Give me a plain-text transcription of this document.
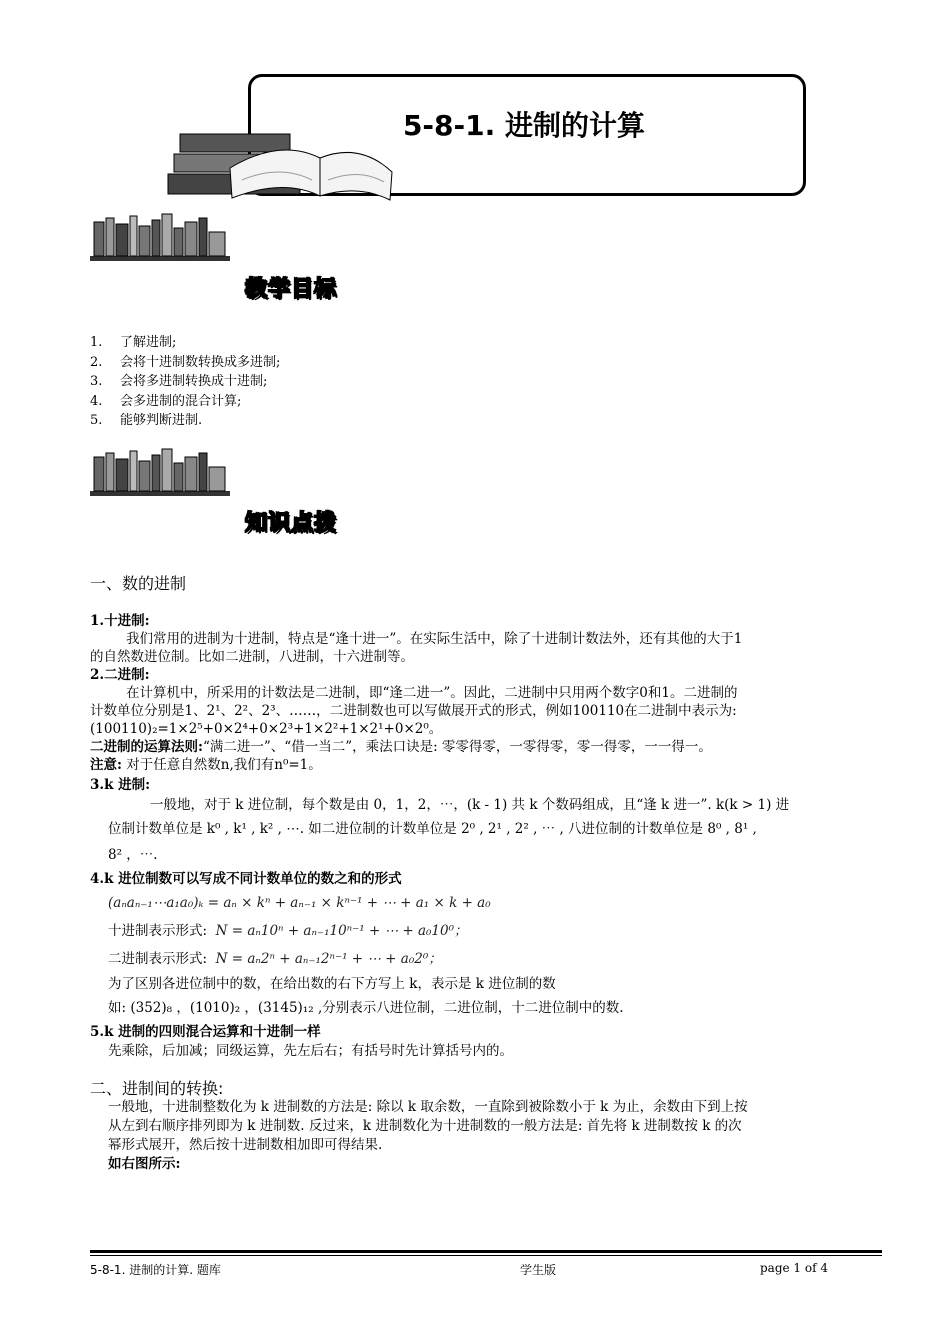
5-8-1. 进制的计算
教学目标
1. 了解进制;
2. 会将十进制数转换成多进制;
3. 会将多进制转换成十进制;
4. 会多进制的混合计算;
5. 能够判断进制.
知识点拨
一、数的进制
1.十进制:
我们常用的进制为十进制，特点是“逢十进一”。在实际生活中，除了十进制计数法外，还有其他的大于1
的自然数进位制。比如二进制，八进制，十六进制等。
2.二进制:
在计算机中，所采用的计数法是二进制，即“逢二进一”。因此，二进制中只用两个数字0和1。二进制的
计数单位分别是1、2¹、2²、2³、……，二进制数也可以写做展开式的形式，例如100110在二进制中表示为:
(100110)₂=1×2⁵+0×2⁴+0×2³+1×2²+1×2¹+0×2⁰。
二进制的运算法则:“满二进一”、“借一当二”，乘法口诀是: 零零得零，一零得零，零一得零，一一得一。
注意: 对于任意自然数n,我们有n⁰=1。
3.k 进制:
一般地，对于 k 进位制，每个数是由 0，1，2，⋯，(k - 1) 共 k 个数码组成，且“逢 k 进一”. k(k > 1) 进
位制计数单位是 k⁰ , k¹ , k² , ⋯. 如二进位制的计数单位是 2⁰ , 2¹ , 2² , ⋯ , 八进位制的计数单位是 8⁰ , 8¹ ,
8² ，⋯.
4.k 进位制数可以写成不同计数单位的数之和的形式
(aₙaₙ₋₁⋯a₁a₀)ₖ = aₙ × kⁿ + aₙ₋₁ × kⁿ⁻¹ + ⋯ + a₁ × k + a₀
十进制表示形式: N = aₙ10ⁿ + aₙ₋₁10ⁿ⁻¹ + ⋯ + a₀10⁰；
二进制表示形式: N = aₙ2ⁿ + aₙ₋₁2ⁿ⁻¹ + ⋯ + a₀2⁰；
为了区别各进位制中的数，在给出数的右下方写上 k，表示是 k 进位制的数
如: (352)₈ ，(1010)₂ ，(3145)₁₂ ,分别表示八进位制，二进位制，十二进位制中的数.
5.k 进制的四则混合运算和十进制一样
先乘除，后加减；同级运算，先左后右；有括号时先计算括号内的。
二、进制间的转换:
一般地，十进制整数化为 k 进制数的方法是: 除以 k 取余数，一直除到被除数小于 k 为止，余数由下到上按
从左到右顺序排列即为 k 进制数. 反过来，k 进制数化为十进制数的一般方法是: 首先将 k 进制数按 k 的次
幂形式展开，然后按十进制数相加即可得结果.
如右图所示:
5-8-1. 进制的计算. 题库	学生版	page 1 of 4
